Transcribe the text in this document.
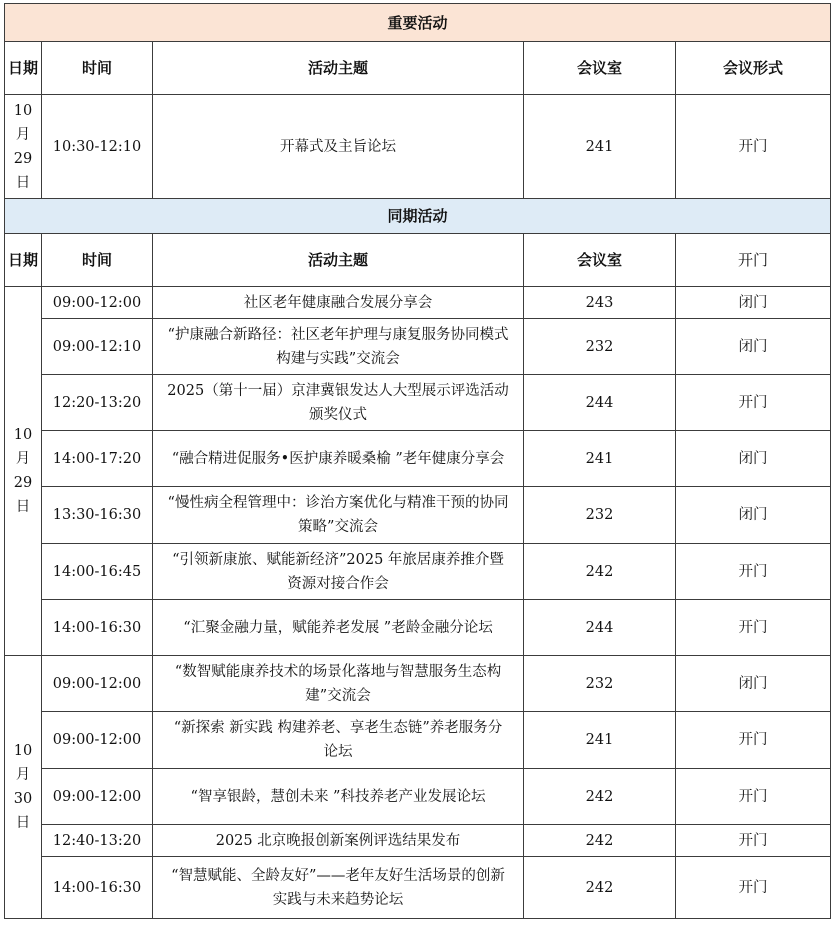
重要活动				

日期	时间	活动主题	会议室	会议形式

10
月
29
日	10:30-12:10	开幕式及主旨论坛	241	开门
同期活动				

日期	时间	活动主题	会议室	开门

10
月
29
日	09:00-12:00	社区老年健康融合发展分享会	243	闭门
	09:00-12:10	“护康融合新路径：社区老年护理与康复服务协同模式构建与实践”交流会	232	闭门
	12:20-13:20	2025（第十一届）京津冀银发达人大型展示评选活动颁奖仪式	244	开门
	14:00-17:20	“融合精进促服务•医护康养暖桑榆 ”老年健康分享会	241	闭门
	13:30-16:30	“慢性病全程管理中：诊治方案优化与精准干预的协同策略”交流会	232	闭门
	14:00-16:45	“引领新康旅、赋能新经济”2025 年旅居康养推介暨资源对接合作会	242	开门
	14:00-16:30	“汇聚金融力量，赋能养老发展 ”老龄金融分论坛	244	开门

10
月
30
日	09:00-12:00	“数智赋能康养技术的场景化落地与智慧服务生态构建”交流会	232	闭门
	09:00-12:00	“新探索 新实践 构建养老、享老生态链”养老服务分论坛	241	开门
	09:00-12:00	“智享银龄，慧创未来 ”科技养老产业发展论坛	242	开门
	12:40-13:20	2025 北京晚报创新案例评选结果发布	242	开门
	14:00-16:30	“智慧赋能、全龄友好”——老年友好生活场景的创新实践与未来趋势论坛	242	开门
